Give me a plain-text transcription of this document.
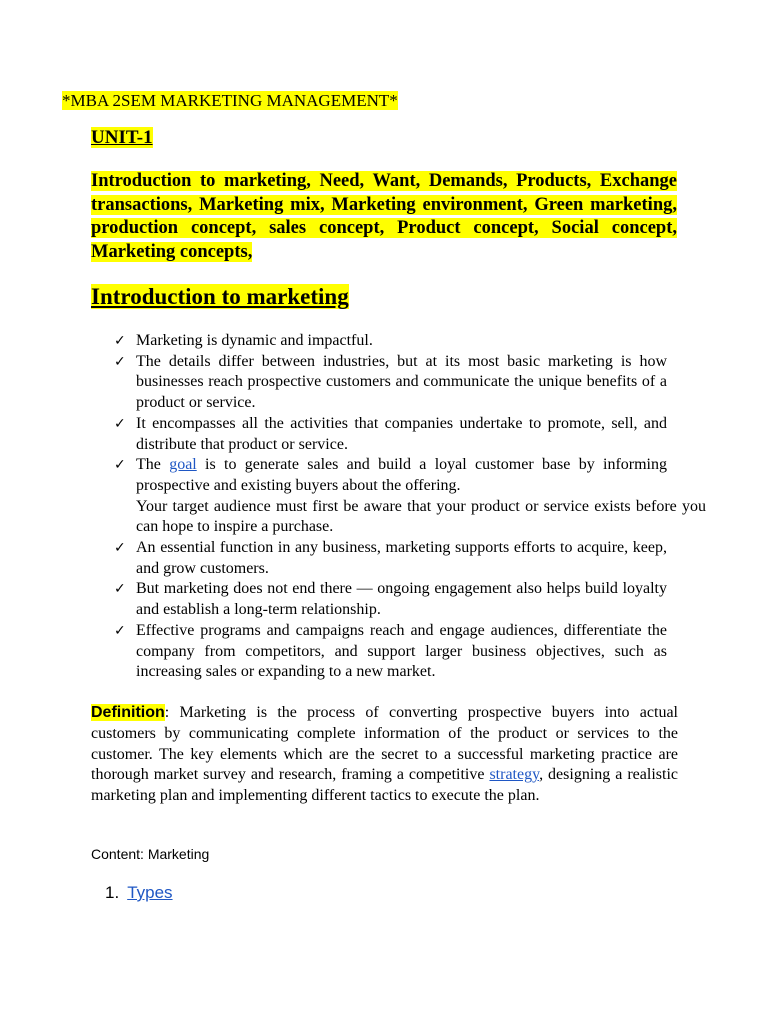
*MBA 2SEM MARKETING MANAGEMENT*
UNIT-1
Introduction to marketing, Need, Want, Demands, Products, Exchange transactions, Marketing mix, Marketing environment, Green marketing, production concept, sales concept, Product concept, Social concept, Marketing concepts,
Introduction to marketing
✓ Marketing is dynamic and impactful.
✓ The details differ between industries, but at its most basic marketing is how businesses reach prospective customers and communicate the unique benefits of a product or service.
✓ It encompasses all the activities that companies undertake to promote, sell, and distribute that product or service.
✓ The goal is to generate sales and build a loyal customer base by informing prospective and existing buyers about the offering.
Your target audience must first be aware that your product or service exists before you can hope to inspire a purchase.
✓ An essential function in any business, marketing supports efforts to acquire, keep, and grow customers.
✓ But marketing does not end there — ongoing engagement also helps build loyalty and establish a long-term relationship.
✓ Effective programs and campaigns reach and engage audiences, differentiate the company from competitors, and support larger business objectives, such as increasing sales or expanding to a new market.
Definition: Marketing is the process of converting prospective buyers into actual customers by communicating complete information of the product or services to the customer. The key elements which are the secret to a successful marketing practice are thorough market survey and research, framing a competitive strategy, designing a realistic marketing plan and implementing different tactics to execute the plan.
Content: Marketing
1. Types
